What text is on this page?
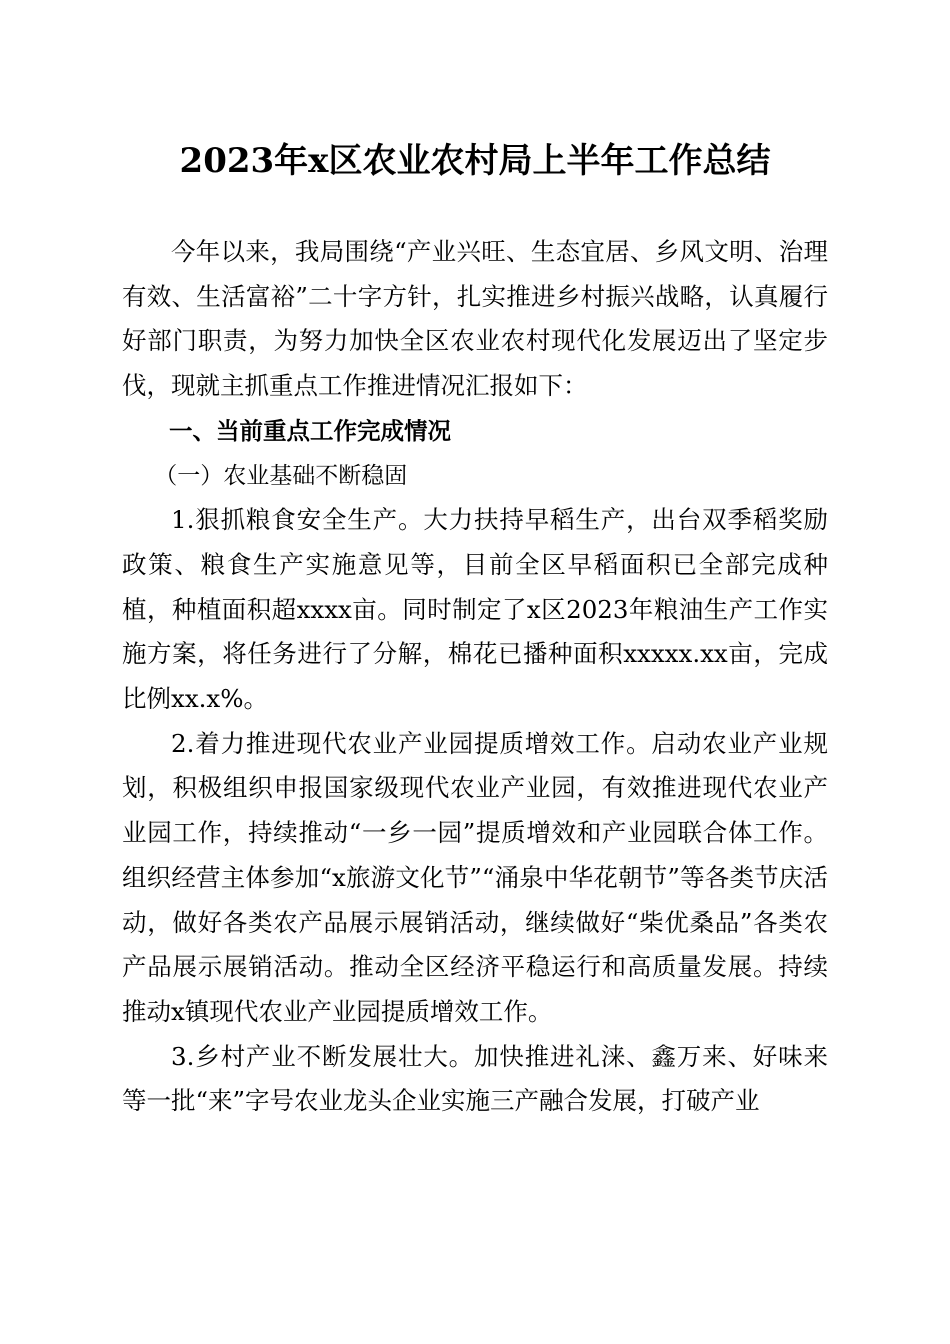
2023年x区农业农村局上半年工作总结

今年以来，我局围绕“产业兴旺、生态宜居、乡风文明、治理有效、生活富裕”二十字方针，扎实推进乡村振兴战略，认真履行好部门职责，为努力加快全区农业农村现代化发展迈出了坚定步伐，现就主抓重点工作推进情况汇报如下：

一、当前重点工作完成情况

（一）农业基础不断稳固

1.狠抓粮食安全生产。大力扶持早稻生产，出台双季稻奖励政策、粮食生产实施意见等，目前全区早稻面积已全部完成种植，种植面积超xxxx亩。同时制定了x区2023年粮油生产工作实施方案，将任务进行了分解，棉花已播种面积xxxxx.xx亩，完成比例xx.x%。

2.着力推进现代农业产业园提质增效工作。启动农业产业规划，积极组织申报国家级现代农业产业园，有效推进现代农业产业园工作，持续推动“一乡一园”提质增效和产业园联合体工作。组织经营主体参加“x旅游文化节”“涌泉中华花朝节”等各类节庆活动，做好各类农产品展示展销活动，继续做好“柴优桑品”各类农产品展示展销活动。推动全区经济平稳运行和高质量发展。持续推动x镇现代农业产业园提质增效工作。

3.乡村产业不断发展壮大。加快推进礼涞、鑫万来、好味来等一批“来”字号农业龙头企业实施三产融合发展，打破产业
